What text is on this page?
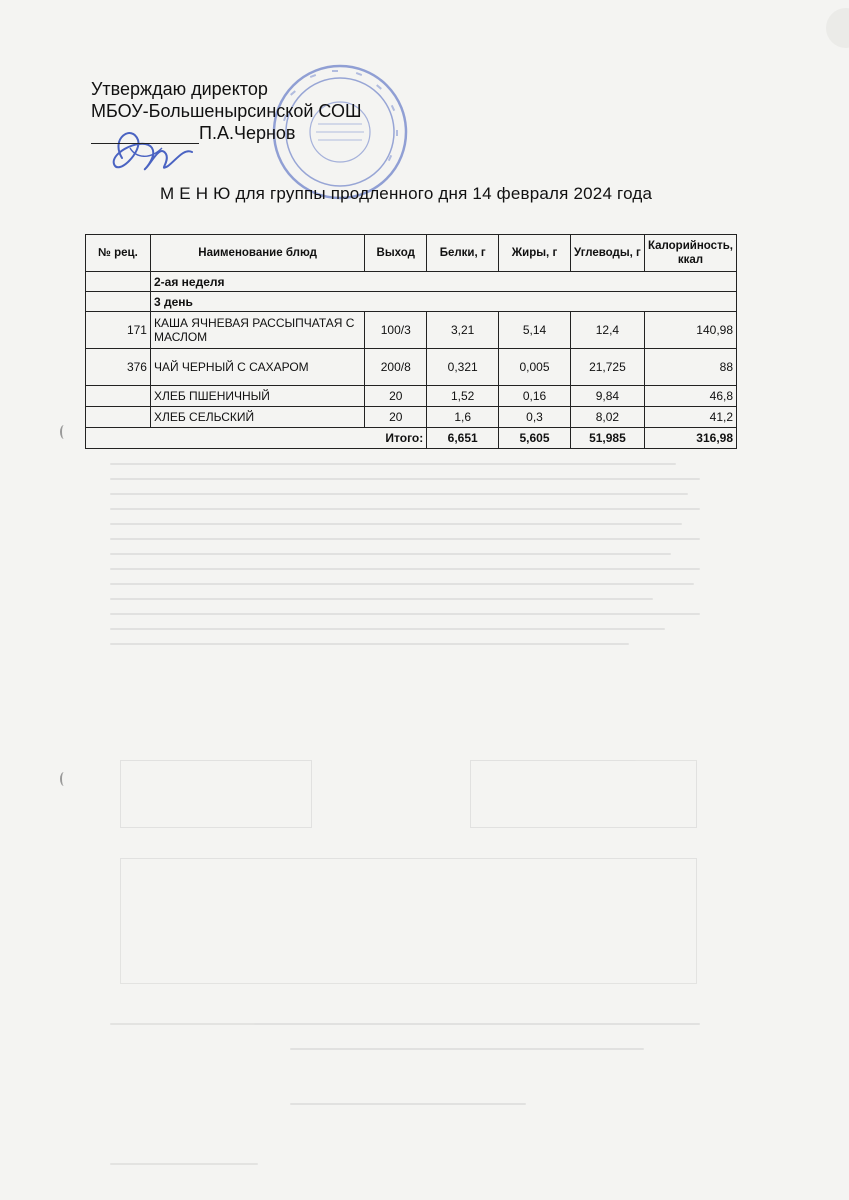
Утверждаю директор
МБОУ-Большенырсинской СОШ
П.А.Чернов
М Е Н Ю для группы продленного дня 14 февраля 2024 года
№ рец.	Наименование блюд	Выход	Белки, г	Жиры, г	Углеводы, г	Калорийность, ккал
	2-ая неделя					
	3 день					
171	КАША ЯЧНЕВАЯ РАССЫПЧАТАЯ С МАСЛОМ	100/3	3,21	5,14	12,4	140,98
376	ЧАЙ ЧЕРНЫЙ С САХАРОМ	200/8	0,321	0,005	21,725	88
	ХЛЕБ ПШЕНИЧНЫЙ	20	1,52	0,16	9,84	46,8
	ХЛЕБ СЕЛЬСКИЙ	20	1,6	0,3	8,02	41,2
Итого:			6,651	5,605	51,985	316,98
